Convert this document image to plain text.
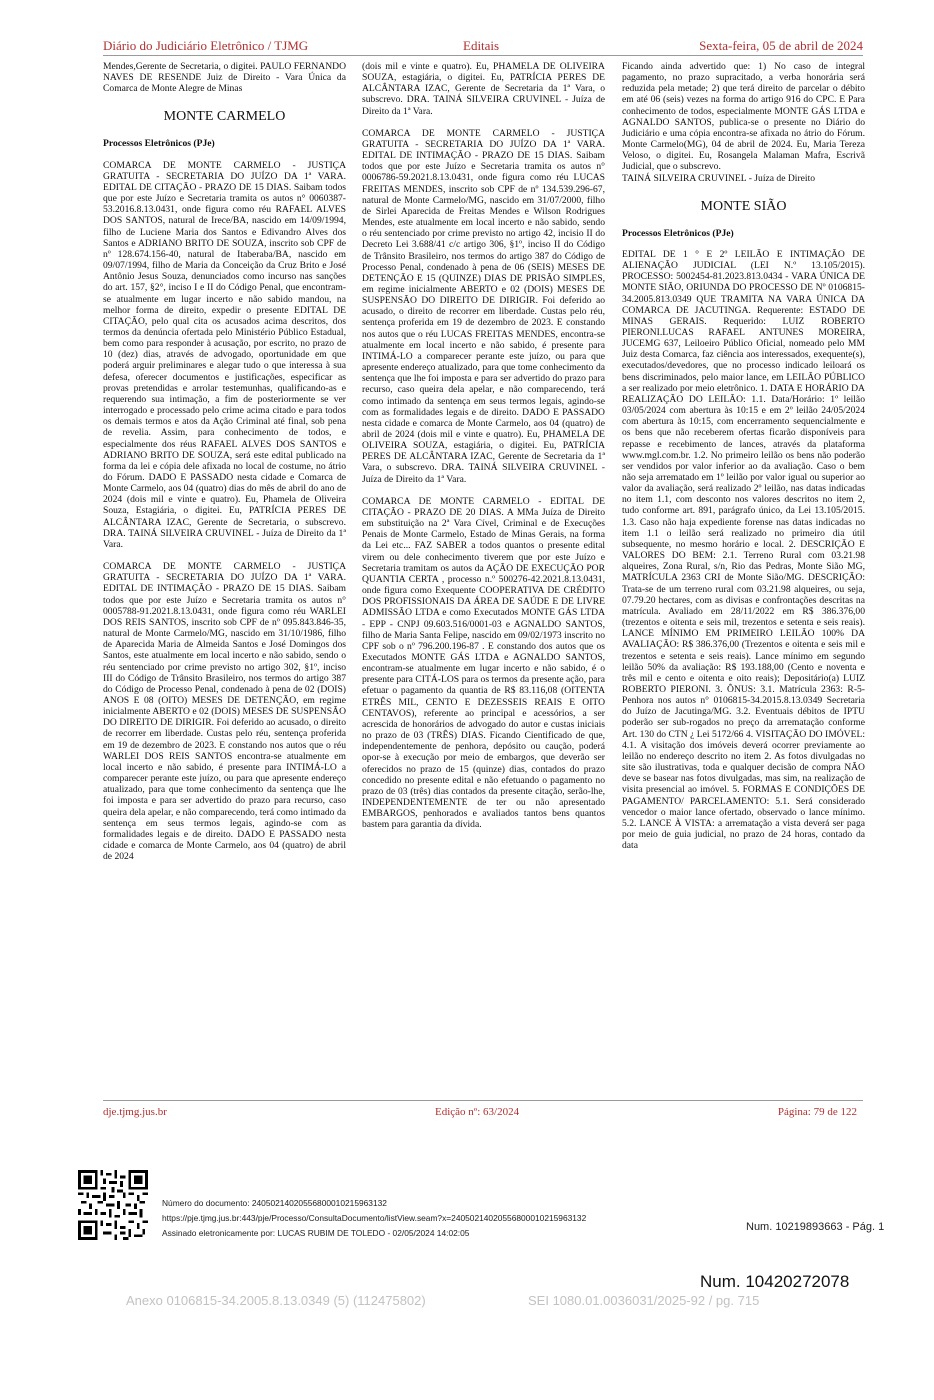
Diário do Judiciário Eletrônico / TJMG	Editais	Sexta-feira, 05 de abril de 2024

Mendes,Gerente de Secretaria, o digitei. PAULO FERNANDO NAVES DE RESENDE Juiz de Direito - Vara Única da Comarca de Monte Alegre de Minas

MONTE CARMELO
Processos Eletrônicos (PJe)

COMARCA DE MONTE CARMELO - JUSTIÇA GRATUITA - SECRETARIA DO JUÍZO DA 1ª VARA. EDITAL DE CITAÇÃO - PRAZO DE 15 DIAS. Saibam todos que por este Juízo e Secretaria tramita os autos n° 0060387-53.2016.8.13.0431, onde figura como réu RAFAEL ALVES DOS SANTOS, natural de Irece/BA, nascido em 14/09/1994, filho de Luciene Maria dos Santos e Edivandro Alves dos Santos e ADRIANO BRITO DE SOUZA, inscrito sob CPF de nº 128.674.156-40, natural de Itaberaba/BA, nascido em 09/07/1994, filho de Maria da Conceição da Cruz Brito e José Antônio Jesus Souza, denunciados como incurso nas sanções do art. 157, §2°, inciso I e II do Código Penal, que encontram-se atualmente em lugar incerto e não sabido mandou, na melhor forma de direito, expedir o presente EDITAL DE CITAÇÃO, pelo qual cita os acusados acima descritos, dos termos da denúncia ofertada pelo Ministério Público Estadual, bem como para responder à acusação, por escrito, no prazo de 10 (dez) dias, através de advogado, oportunidade em que poderá arguir preliminares e alegar tudo o que interessa à sua defesa, oferecer documentos e justificações, especificar as provas pretendidas e arrolar testemunhas, qualificando-as e requerendo sua intimação, a fim de posteriormente se ver interrogado e processado pelo crime acima citado e para todos os demais termos e atos da Ação Criminal até final, sob pena de revelia. Assim, para conhecimento de todos, e especialmente dos réus RAFAEL ALVES DOS SANTOS e ADRIANO BRITO DE SOUZA, será este edital publicado na forma da lei e cópia dele afixada no local de costume, no átrio do Fórum. DADO E PASSADO nesta cidade e Comarca de Monte Carmelo, aos 04 (quatro) dias do mês de abril do ano de 2024 (dois mil e vinte e quatro). Eu, Phamela de Oliveira Souza, Estagiária, o digitei. Eu, PATRÍCIA PERES DE ALCÂNTARA IZAC, Gerente de Secretaria, o subscrevo. DRA. TAINÁ SILVEIRA CRUVINEL - Juíza de Direito da 1ª Vara.

COMARCA DE MONTE CARMELO - JUSTIÇA GRATUITA - SECRETARIA DO JUÍZO DA 1ª VARA. EDITAL DE INTIMAÇÃO - PRAZO DE 15 DIAS. Saibam todos que por este Juízo e Secretaria tramita os autos n° 0005788-91.2021.8.13.0431, onde figura como réu WARLEI DOS REIS SANTOS, inscrito sob CPF de nº 095.843.846-35, natural de Monte Carmelo/MG, nascido em 31/10/1986, filho de Aparecida Maria de Almeida Santos e José Domingos dos Santos, este atualmente em local incerto e não sabido, sendo o réu sentenciado por crime previsto no artigo 302, §1º, inciso III do Código de Trânsito Brasileiro, nos termos do artigo 387 do Código de Processo Penal, condenado à pena de 02 (DOIS) ANOS E 08 (OITO) MESES DE DETENÇÃO, em regime inicialmente ABERTO e 02 (DOIS) MESES DE SUSPENSÃO DO DIREITO DE DIRIGIR. Foi deferido ao acusado, o direito de recorrer em liberdade. Custas pelo réu, sentença proferida em 19 de dezembro de 2023. E constando nos autos que o réu WARLEI DOS REIS SANTOS encontra-se atualmente em local incerto e não sabido, é presente para INTIMÁ-LO a comparecer perante este juízo, ou para que apresente endereço atualizado, para que tome conhecimento da sentença que lhe foi imposta e para ser advertido do prazo para recurso, caso queira dela apelar, e não comparecendo, terá como intimado da sentença em seus termos legais, agindo-se com as formalidades legais e de direito. DADO E PASSADO nesta cidade e comarca de Monte Carmelo, aos 04 (quatro) de abril de 2024

(dois mil e vinte e quatro). Eu, PHAMELA DE OLIVEIRA SOUZA, estagiária, o digitei. Eu, PATRÍCIA PERES DE ALCÂNTARA IZAC, Gerente de Secretaria da 1ª Vara, o subscrevo. DRA. TAINÁ SILVEIRA CRUVINEL - Juíza de Direito da 1ª Vara.

COMARCA DE MONTE CARMELO - JUSTIÇA GRATUITA - SECRETARIA DO JUÍZO DA 1ª VARA. EDITAL DE INTIMAÇÃO - PRAZO DE 15 DIAS. Saibam todos que por este Juízo e Secretaria tramita os autos n° 0006786-59.2021.8.13.0431, onde figura como réu LUCAS FREITAS MENDES, inscrito sob CPF de nº 134.539.296-67, natural de Monte Carmelo/MG, nascido em 31/07/2000, filho de Sirlei Aparecida de Freitas Mendes e Wilson Rodrigues Mendes, este atualmente em local incerto e não sabido, sendo o réu sentenciado por crime previsto no artigo 42, incisio II do Decreto Lei 3.688/41 c/c artigo 306, §1º, inciso II do Código de Trânsito Brasileiro, nos termos do artigo 387 do Código de Processo Penal, condenado à pena de 06 (SEIS) MESES DE DETENÇÃO E 15 (QUINZE) DIAS DE PRISÃO SIMPLES, em regime inicialmente ABERTO e 02 (DOIS) MESES DE SUSPENSÃO DO DIREITO DE DIRIGIR. Foi deferido ao acusado, o direito de recorrer em liberdade. Custas pelo réu, sentença proferida em 19 de dezembro de 2023. E constando nos autos que o réu LUCAS FREITAS MENDES, encontra-se atualmente em local incerto e não sabido, é presente para INTIMÁ-LO a comparecer perante este juízo, ou para que apresente endereço atualizado, para que tome conhecimento da sentença que lhe foi imposta e para ser advertido do prazo para recurso, caso queira dela apelar, e não comparecendo, terá como intimado da sentença em seus termos legais, agindo-se com as formalidades legais e de direito. DADO E PASSADO nesta cidade e comarca de Monte Carmelo, aos 04 (quatro) de abril de 2024 (dois mil e vinte e quatro). Eu, PHAMELA DE OLIVEIRA SOUZA, estagiária, o digitei. Eu, PATRÍCIA PERES DE ALCÂNTARA IZAC, Gerente de Secretaria da 1ª Vara, o subscrevo. DRA. TAINÁ SILVEIRA CRUVINEL - Juíza de Direito da 1ª Vara.

COMARCA DE MONTE CARMELO - EDITAL DE CITAÇÃO - PRAZO DE 20 DIAS. A MMa Juíza de Direito em substituição na 2ª Vara Cível, Criminal e de Execuções Penais de Monte Carmelo, Estado de Minas Gerais, na forma da Lei etc... FAZ SABER a todos quantos o presente edital virem ou dele conhecimento tiverem que por este Juízo e Secretaria tramitam os autos da AÇÃO DE EXECUÇÃO POR QUANTIA CERTA , processo n.º 500276-42.2021.8.13.0431, onde figura como Exequente COOPERATIVA DE CRÉDITO DOS PROFISSIONAIS DA ÁREA DE SAÚDE E DE LIVRE ADMISSÃO LTDA e como Executados MONTE GÁS LTDA - EPP - CNPJ 09.603.516/0001-03 e AGNALDO SANTOS, filho de Maria Santa Felipe, nascido em 09/02/1973 inscrito no CPF sob o nº 796.200.196-87 . E constando dos autos que os Executados MONTE GÁS LTDA e AGNALDO SANTOS, encontram-se atualmente em lugar incerto e não sabido, é o presente para CITÁ-LOS para os termos da presente ação, para efetuar o pagamento da quantia de R$ 83.116,08 (OITENTA ETRÊS MIL, CENTO E DEZESSEIS REAIS E OITO CENTAVOS), referente ao principal e acessórios, a ser acrescida de honorários de advogado do autor e custas iniciais no prazo de 03 (TRÊS) DIAS. Ficando Cientificado de que, independentemente de penhora, depósito ou caução, poderá opor-se à execução por meio de embargos, que deverão ser oferecidos no prazo de 15 (quinze) dias, contados do prazo concedido no presente edital e não efetuando o pagamento no prazo de 03 (três) dias contados da presente citação, serão-lhe, INDEPENDENTEMENTE de ter ou não apresentado EMBARGOS, penhorados e avaliados tantos bens quantos bastem para garantia da dívida.

Ficando ainda advertido que: 1) No caso de integral pagamento, no prazo supracitado, a verba honorária será reduzida pela metade; 2) que terá direito de parcelar o débito em até 06 (seis) vezes na forma do artigo 916 do CPC. E Para conhecimento de todos, especialmente MONTE GÁS LTDA e AGNALDO SANTOS, publica-se o presente no Diário do Judiciário e uma cópia encontra-se afixada no átrio do Fórum. Monte Carmelo(MG), 04 de abril de 2024. Eu, Maria Tereza Veloso, o digitei. Eu, Rosangela Malaman Mafra, Escrivã Judicial, que o subscrevo.

TAINÁ SILVEIRA CRUVINEL - Juíza de Direito

MONTE SIÃO
Processos Eletrônicos (PJe)

EDITAL DE 1 ° E 2º LEILÃO E INTIMAÇÃO DE ALIENAÇÃO JUDICIAL (LEI N.º 13.105/2015). PROCESSO: 5002454-81.2023.813.0434 - VARA ÚNICA DE MONTE SIÃO, ORIUNDA DO PROCESSO DE Nº 0106815-34.2005.813.0349 QUE TRAMITA NA VARA ÚNICA DA COMARCA DE JACUTINGA. Requerente: ESTADO DE MINAS GERAIS. Requerido: LUIZ ROBERTO PIERONI.LUCAS RAFAEL ANTUNES MOREIRA, JUCEMG 637, Leiloeiro Público Oficial, nomeado pelo MM Juiz desta Comarca, faz ciência aos interessados, exequente(s), executados/devedores, que no processo indicado leiloará os bens discriminados, pelo maior lance, em LEILÃO PÚBLICO a ser realizado por meio eletrônico. 1. DATA E HORÁRIO DA REALIZAÇÃO DO LEILÃO: 1.1. Data/Horário: 1º leilão 03/05/2024 com abertura às 10:15 e em 2º leilão 24/05/2024 com abertura às 10:15, com encerramento sequencialmente e os bens que não receberem ofertas ficarão disponíveis para repasse e recebimento de lances, através da plataforma www.mgl.com.br. 1.2. No primeiro leilão os bens não poderão ser vendidos por valor inferior ao da avaliação. Caso o bem não seja arrematado em 1º leilão por valor igual ou superior ao valor da avaliação, será realizado 2º leilão, nas datas indicadas no item 1.1, com desconto nos valores descritos no item 2, tudo conforme art. 891, parágrafo único, da Lei 13.105/2015. 1.3. Caso não haja expediente forense nas datas indicadas no item 1.1 o leilão será realizado no primeiro dia útil subsequente, no mesmo horário e local. 2. DESCRIÇÃO E VALORES DO BEM: 2.1. Terreno Rural com 03.21.98 alqueires, Zona Rural, s/n, Rio das Pedras, Monte Sião MG, MATRÍCULA 2363 CRI de Monte Sião/MG. DESCRIÇÃO: Trata-se de um terreno rural com 03.21.98 alqueires, ou seja, 07.79.20 hectares, com as divisas e confrontações descritas na matrícula. Avaliado em 28/11/2022 em R$ 386.376,00 (trezentos e oitenta e seis mil, trezentos e setenta e seis reais). LANCE MÍNIMO EM PRIMEIRO LEILÃO 100% DA AVALIAÇÃO: R$ 386.376,00 (Trezentos e oitenta e seis mil e trezentos e setenta e seis reais). Lance mínimo em segundo leilão 50% da avaliação: R$ 193.188,00 (Cento e noventa e três mil e cento e oitenta e oito reais); Depositário(a) LUIZ ROBERTO PIERONI. 3. ÔNUS: 3.1. Matrícula 2363: R-5- Penhora nos autos n° 0106815-34.2015.8.13.0349 Secretaria do Juízo de Jacutinga/MG. 3.2. Eventuais débitos de IPTU poderão ser sub-rogados no preço da arrematação conforme Art. 130 do CTN ¿ Lei 5172/66 4. VISITAÇÃO DO IMÓVEL: 4.1. A visitação dos imóveis deverá ocorrer previamente ao leilão no endereço descrito no item 2. As fotos divulgadas no site são ilustrativas, toda e qualquer decisão de compra NÃO deve se basear nas fotos divulgadas, mas sim, na realização de visita presencial ao imóvel. 5. FORMAS E CONDIÇÕES DE PAGAMENTO/ PARCELAMENTO: 5.1. Será considerado vencedor o maior lance ofertado, observado o lance mínimo. 5.2. LANCE À VISTA: a arrematação a vista deverá ser paga por meio de guia judicial, no prazo de 24 horas, contado da data

dje.tjmg.jus.br	Edição nº: 63/2024	Página: 79 de 122
Número do documento: 24050214020556800010215963132
https://pje.tjmg.jus.br:443/pje/Processo/ConsultaDocumento/listView.seam?x=24050214020556800010215963132
Assinado eletronicamente por: LUCAS RUBIM DE TOLEDO - 02/05/2024 14:02:05	Num. 10219893663 - Pág. 1
Num. 10420272078
Anexo 0106815-34.2005.8.13.0349 (5) (112475802)	SEI 1080.01.0036031/2025-92 / pg. 715
